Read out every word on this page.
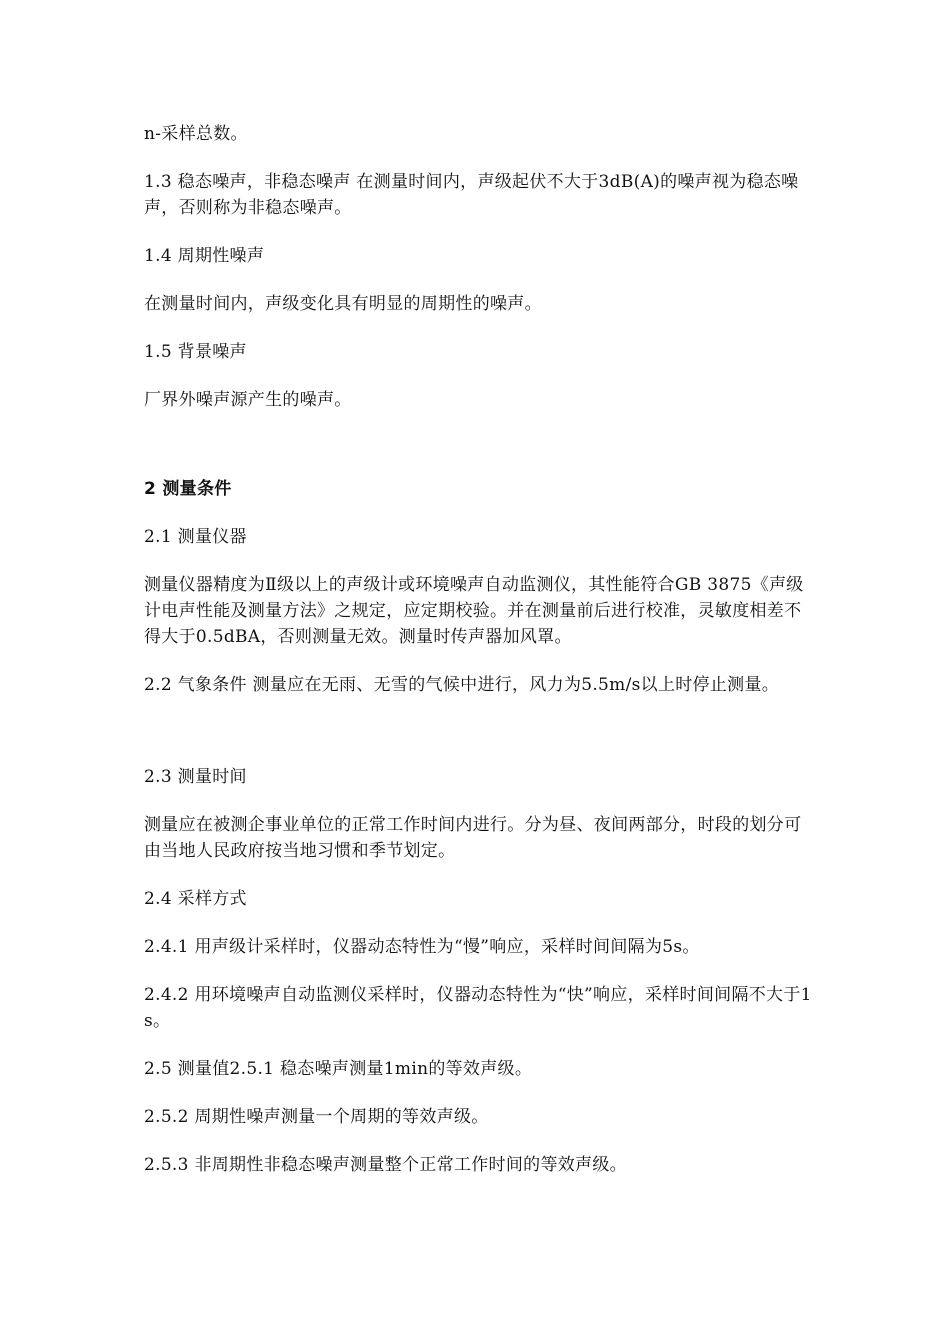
n-采样总数。

1.3 稳态噪声，非稳态噪声 在测量时间内，声级起伏不大于3dB(A)的噪声视为稳态噪声，否则称为非稳态噪声。

1.4 周期性噪声

在测量时间内，声级变化具有明显的周期性的噪声。

1.5 背景噪声

厂界外噪声源产生的噪声。

2 测量条件

2.1 测量仪器

测量仪器精度为Ⅱ级以上的声级计或环境噪声自动监测仪，其性能符合GB 3875《声级计电声性能及测量方法》之规定，应定期校验。并在测量前后进行校准，灵敏度相差不得大于0.5dBA，否则测量无效。测量时传声器加风罩。

2.2 气象条件 测量应在无雨、无雪的气候中进行，风力为5.5m/s以上时停止测量。

2.3 测量时间

测量应在被测企事业单位的正常工作时间内进行。分为昼、夜间两部分，时段的划分可由当地人民政府按当地习惯和季节划定。

2.4 采样方式

2.4.1 用声级计采样时，仪器动态特性为“慢”响应，采样时间间隔为5s。

2.4.2 用环境噪声自动监测仪采样时，仪器动态特性为“快”响应，采样时间间隔不大于1s。

2.5 测量值2.5.1 稳态噪声测量1min的等效声级。

2.5.2 周期性噪声测量一个周期的等效声级。

2.5.3 非周期性非稳态噪声测量整个正常工作时间的等效声级。
